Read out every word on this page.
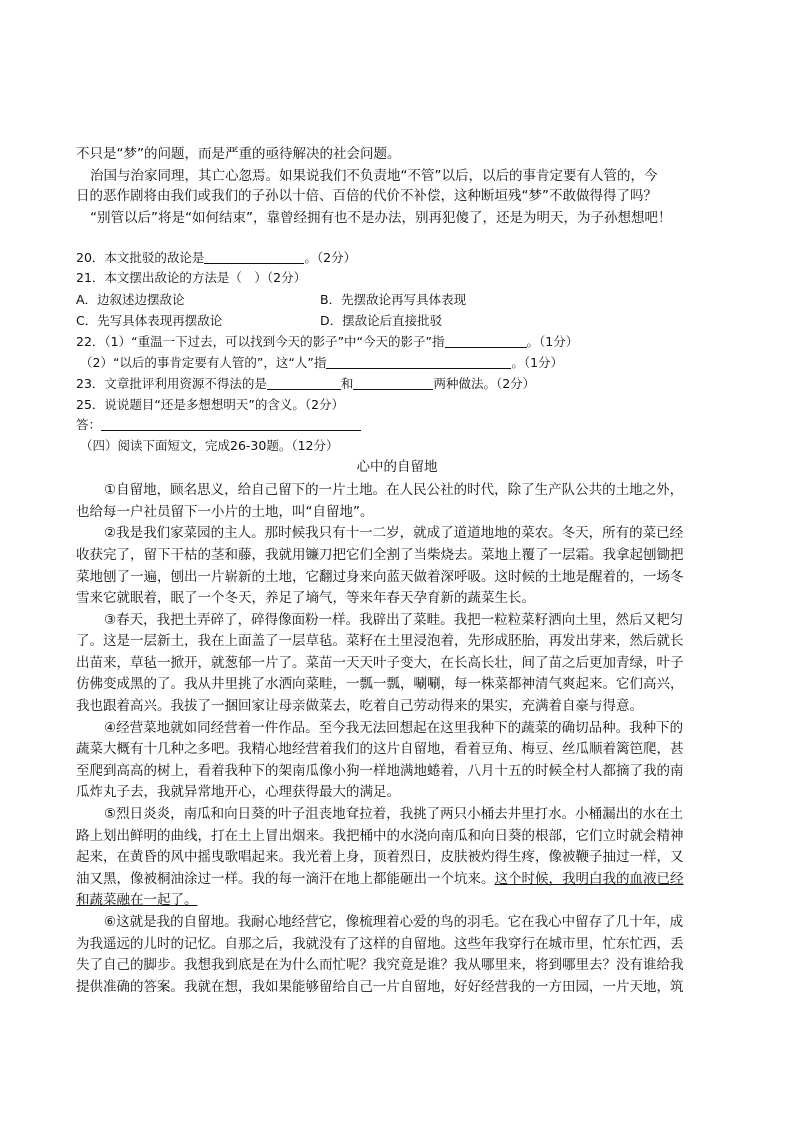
不只是“梦”的问题，而是严重的亟待解决的社会问题。
治国与治家同理，其亡心忽焉。如果说我们不负责地“不管”以后，以后的事肯定要有人管的，今
日的恶作剧将由我们或我们的子孙以十倍、百倍的代价不补偿，这种断垣残“梦”不敢做得得了吗？
“别管以后”将是“如何结束”，靠曾经拥有也不是办法，别再犯傻了，还是为明天，为子孙想想吧！
20．本文批驳的敌论是	。（2分）
21．本文摆出敌论的方法是（　）（2分）
A．边叙述边摆敌论	B．先摆敌论再写具体表现
C．先写具体表现再摆敌论	D．摆敌论后直接批驳
22．（1）“重温一下过去，可以找到今天的影子”中“今天的影子”指	。（1分）
（2）“以后的事肯定要有人管的”，这“人”指	。（1分）
23．文章批评利用资源不得法的是	和	两种做法。（2分）
25．说说题目“还是多想想明天”的含义。（2分）
答：
（四）阅读下面短文，完成26-30题。（12分）
心中的自留地
①自留地，顾名思义，给自己留下的一片土地。在人民公社的时代，除了生产队公共的土地之外，
也给每一户社员留下一小片的土地，叫“自留地”。
②我是我们家菜园的主人。那时候我只有十一二岁，就成了道道地地的菜农。冬天，所有的菜已经
收获完了，留下干枯的茎和藤，我就用镰刀把它们全割了当柴烧去。菜地上覆了一层霜。我拿起刨锄把
菜地刨了一遍，刨出一片崭新的土地，它翻过身来向蓝天做着深呼吸。这时候的土地是醒着的，一场冬
雪来它就眠着，眠了一个冬天，养足了墒气，等来年春天孕育新的蔬菜生长。
③春天，我把土弄碎了，碎得像面粉一样。我辟出了菜畦。我把一粒粒菜籽洒向土里，然后又耙匀
了。这是一层新土，我在上面盖了一层草毡。菜籽在土里浸泡着，先形成胚胎，再发出芽来，然后就长
出苗来，草毡一掀开，就葱郁一片了。菜苗一天天叶子变大，在长高长壮，间了苗之后更加青绿，叶子
仿佛变成黑的了。我从井里挑了水洒向菜畦，一瓢一瓢，唰唰，每一株菜都神清气爽起来。它们高兴，
我也跟着高兴。我拔了一捆回家让母亲做菜去，吃着自己劳动得来的果实，充满着自豪与得意。
④经营菜地就如同经营着一件作品。至今我无法回想起在这里我种下的蔬菜的确切品种。我种下的
蔬菜大概有十几种之多吧。我精心地经营着我们的这片自留地，看着豆角、梅豆、丝瓜顺着篱笆爬，甚
至爬到高高的树上，看着我种下的架南瓜像小狗一样地满地蜷着，八月十五的时候全村人都摘了我的南
瓜炸丸子去，我就异常地开心，心理获得最大的满足。
⑤烈日炎炎，南瓜和向日葵的叶子沮丧地耷拉着，我挑了两只小桶去井里打水。小桶漏出的水在土
路上划出鲜明的曲线，打在土上冒出烟来。我把桶中的水浇向南瓜和向日葵的根部，它们立时就会精神
起来，在黄昏的风中摇曳歌唱起来。我光着上身，顶着烈日，皮肤被灼得生疼，像被鞭子抽过一样，又
油又黑，像被桐油涂过一样。我的每一滴汗在地上都能砸出一个坑来。这个时候，我明白我的血液已经
和蔬菜融在一起了。
⑥这就是我的自留地。我耐心地经营它，像梳理着心爱的鸟的羽毛。它在我心中留存了几十年，成
为我遥远的儿时的记忆。自那之后，我就没有了这样的自留地。这些年我穿行在城市里，忙东忙西，丢
失了自己的脚步。我想我到底是在为什么而忙呢？我究竟是谁？我从哪里来，将到哪里去？没有谁给我
提供准确的答案。我就在想，我如果能够留给自己一片自留地，好好经营我的一方田园，一片天地，筑
